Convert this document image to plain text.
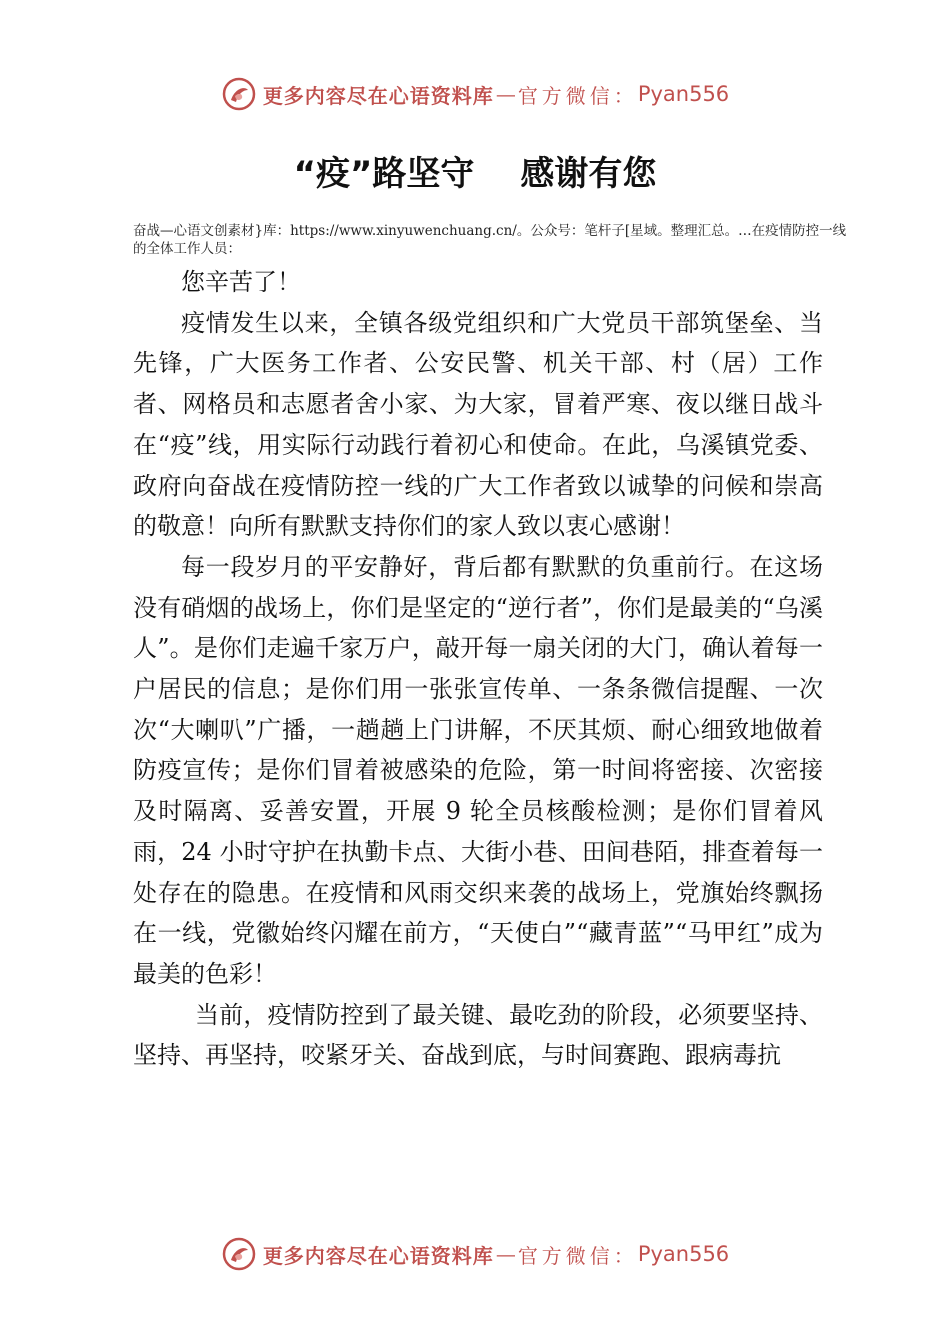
更多内容尽在心语资料库 — 官方微信： Pyan556
“疫”路坚守 感谢有您
奋战—心语文创素材}库：https://www.xinyuwenchuang.cn/。公众号：笔杆子[星域。整理汇总。…在疫情防控一线的全体工作人员：

您辛苦了！

疫情发生以来，全镇各级党组织和广大党员干部筑堡垒、当先锋，广大医务工作者、公安民警、机关干部、村（居）工作者、网格员和志愿者舍小家、为大家，冒着严寒、夜以继日战斗在“疫”线，用实际行动践行着初心和使命。在此，乌溪镇党委、政府向奋战在疫情防控一线的广大工作者致以诚挚的问候和崇高的敬意！向所有默默支持你们的家人致以衷心感谢！

每一段岁月的平安静好，背后都有默默的负重前行。在这场没有硝烟的战场上，你们是坚定的“逆行者”，你们是最美的“乌溪人”。是你们走遍千家万户，敲开每一扇关闭的大门，确认着每一户居民的信息；是你们用一张张宣传单、一条条微信提醒、一次次“大喇叭”广播，一趟趟上门讲解，不厌其烦、耐心细致地做着防疫宣传；是你们冒着被感染的危险，第一时间将密接、次密接及时隔离、妥善安置，开展 9 轮全员核酸检测；是你们冒着风雨，24 小时守护在执勤卡点、大街小巷、田间巷陌，排查着每一处存在的隐患。在疫情和风雨交织来袭的战场上，党旗始终飘扬在一线，党徽始终闪耀在前方，“天使白”“藏青蓝”“马甲红”成为最美的色彩！

当前，疫情防控到了最关键、最吃劲的阶段，必须要坚持、坚持、再坚持，咬紧牙关、奋战到底，与时间赛跑、跟病毒抗

更多内容尽在心语资料库 — 官方微信： Pyan556
